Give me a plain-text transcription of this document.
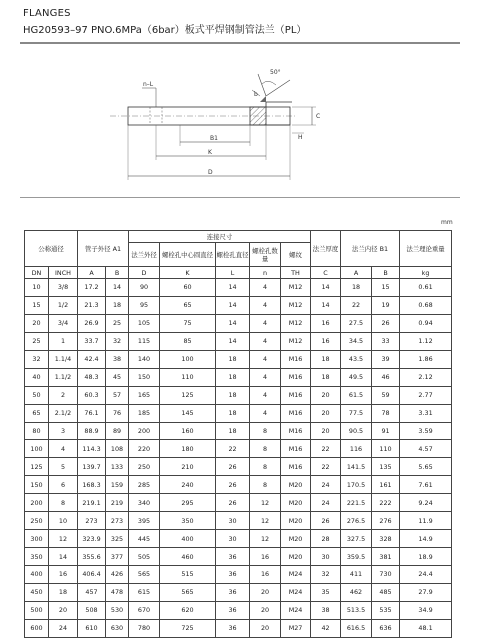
FLANGES
HG20593–97 PNO.6MPa（6bar）板式平焊钢制管法兰（PL）
50°
b
n–L
C
H
B1
K
D
mm
公称通径		管子外径 A1		连接尺寸					法兰厚度	法兰内径 B1		法兰理论重量
				法兰外径	螺栓孔中心圆直径	螺栓孔直径	螺栓孔数量	螺纹				
DN	INCH	A	B	D	K	L	n	TH	C	A	B	kg
10	3/8	17.2	14	90	60	14	4	M12	14	18	15	0.61
15	1/2	21.3	18	95	65	14	4	M12	14	22	19	0.68
20	3/4	26.9	25	105	75	14	4	M12	16	27.5	26	0.94
25	1	33.7	32	115	85	14	4	M12	16	34.5	33	1.12
32	1.1/4	42.4	38	140	100	18	4	M16	18	43.5	39	1.86
40	1.1/2	48.3	45	150	110	18	4	M16	18	49.5	46	2.12
50	2	60.3	57	165	125	18	4	M16	20	61.5	59	2.77
65	2.1/2	76.1	76	185	145	18	4	M16	20	77.5	78	3.31
80	3	88.9	89	200	160	18	8	M16	20	90.5	91	3.59
100	4	114.3	108	220	180	22	8	M16	22	116	110	4.57
125	5	139.7	133	250	210	26	8	M16	22	141.5	135	5.65
150	6	168.3	159	285	240	26	8	M20	24	170.5	161	7.61
200	8	219.1	219	340	295	26	12	M20	24	221.5	222	9.24
250	10	273	273	395	350	30	12	M20	26	276.5	276	11.9
300	12	323.9	325	445	400	30	12	M20	28	327.5	328	14.9
350	14	355.6	377	505	460	36	16	M20	30	359.5	381	18.9
400	16	406.4	426	565	515	36	16	M24	32	411	730	24.4
450	18	457	478	615	565	36	20	M24	35	462	485	27.9
500	20	508	530	670	620	36	20	M24	38	513.5	535	34.9
600	24	610	630	780	725	36	20	M27	42	616.5	636	48.1
